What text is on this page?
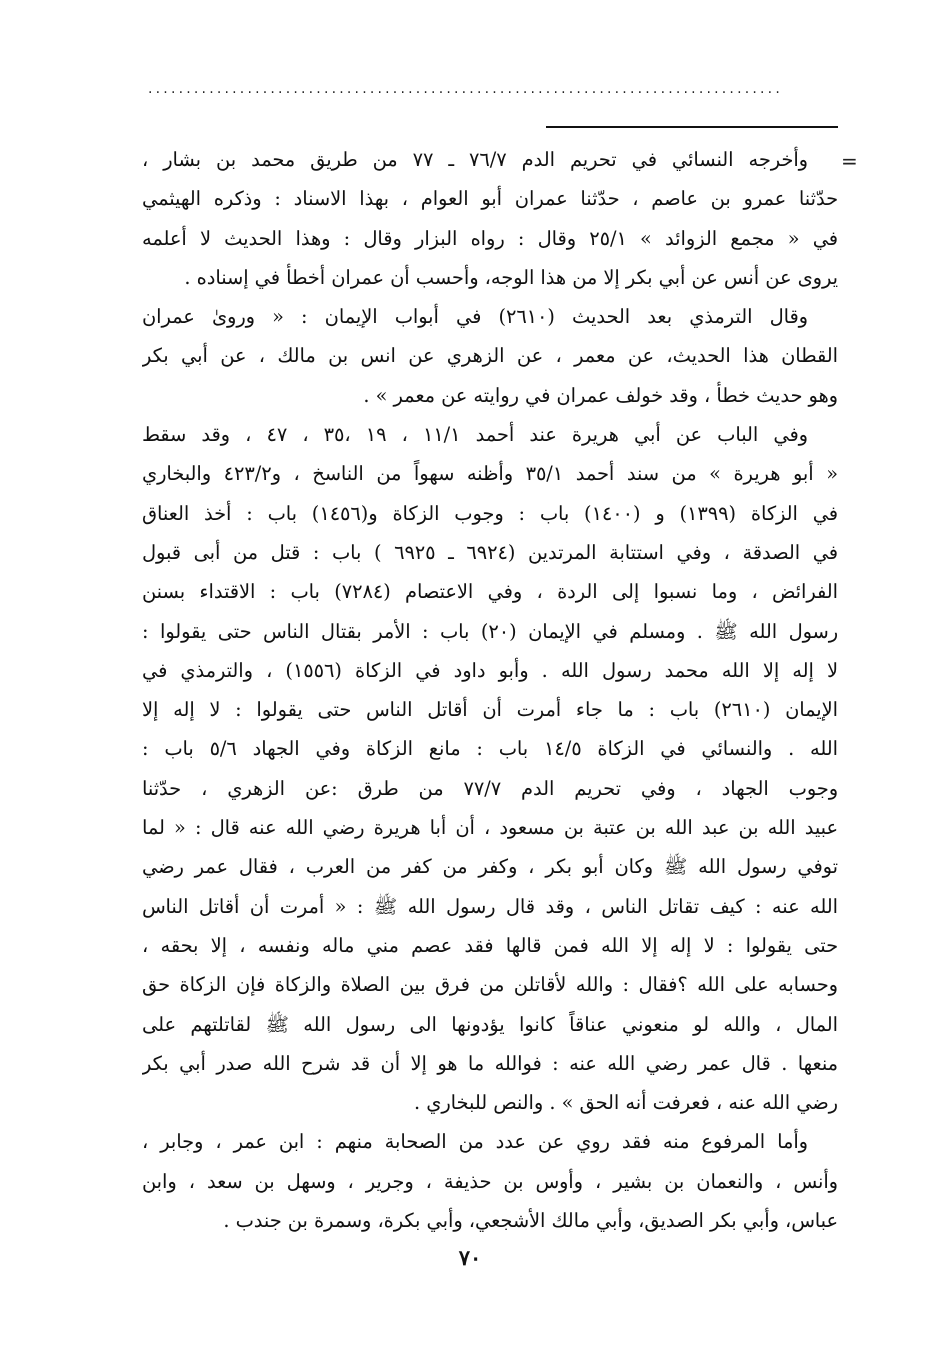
...................................................................................
=
وأخرجه النسائي في تحريم الدم ٧٦/٧ ـ ٧٧ من طريق محمد بن بشار ،
حدّثنا عمرو بن عاصم ، حدّثنا عمران أبو العوام ، بهذا الاسناد : وذكره الهيثمي
في « مجمع الزوائد » ٢٥/١ وقال : رواه البزار وقال : وهذا الحديث لا أعلمه
يروى عن أنس عن أبي بكر إلا من هذا الوجه، وأحسب أن عمران أخطأ في إسناده .
وقال الترمذي بعد الحديث (٢٦١٠) في أبواب الإيمان : « وروىٰ عمران
القطان هذا الحديث، عن معمر ، عن الزهري عن انس بن مالك ، عن أبي بكر
وهو حديث خطأ ، وقد خولف عمران في روايته عن معمر » .
وفي الباب عن أبي هريرة عند أحمد ١١/١ ، ١٩ ،٣٥ ، ٤٧ ، وقد سقط
« أبو هريرة » من سند أحمد ٣٥/١ وأظنه سهواً من الناسخ ، و٤٢٣/٢ والبخاري
في الزكاة (١٣٩٩) و (١٤٠٠) باب : وجوب الزكاة و(١٤٥٦) باب : أخذ العناق
في الصدقة ، وفي استتابة المرتدين (٦٩٢٤ ـ ٦٩٢٥ ) باب : قتل من أبى قبول
الفرائض ، وما نسبوا إلى الردة ، وفي الاعتصام (٧٢٨٤) باب : الاقتداء بسنن
رسول الله ﷺ . ومسلم في الإيمان (٢٠) باب : الأمر بقتال الناس حتى يقولوا :
لا إله إلا الله محمد رسول الله . وأبو داود في الزكاة (١٥٥٦) ، والترمذي في
الإيمان (٢٦١٠) باب : ما جاء أمرت أن أقاتل الناس حتى يقولوا : لا إله إلا
الله . والنسائي في الزكاة ١٤/٥ باب : مانع الزكاة وفي الجهاد ٥/٦ باب :
وجوب الجهاد ، وفي تحريم الدم ٧٧/٧ من طرق :عن الزهري ، حدّثنا
عبيد الله بن عبد الله بن عتبة بن مسعود ، أن أبا هريرة رضي الله عنه قال : « لما
توفي رسول الله ﷺ وكان أبو بكر ، وكفر من كفر من العرب ، فقال عمر رضي
الله عنه : كيف تقاتل الناس ، وقد قال رسول الله ﷺ : « أمرت أن أقاتل الناس
حتى يقولوا : لا إله إلا الله فمن قالها فقد عصم مني ماله ونفسه ، إلا بحقه ،
وحسابه على الله ؟فقال : والله لأقاتلن من فرق بين الصلاة والزكاة فإن الزكاة حق
المال ، والله لو منعوني عناقاً كانوا يؤدونها الى رسول الله ﷺ لقاتلتهم على
منعها . قال عمر رضي الله عنه : فوالله ما هو إلا أن قد شرح الله صدر أبي بكر
رضي الله عنه ، فعرفت أنه الحق » . والنص للبخاري .
وأما المرفوع منه فقد روي عن عدد من الصحابة منهم : ابن عمر ، وجابر ،
وأنس ، والنعمان بن بشير ، وأوس بن حذيفة ، وجرير ، وسهل بن سعد ، وابن
عباس، وأبي بكر الصديق، وأبي مالك الأشجعي، وأبي بكرة، وسمرة بن جندب .
٧٠
